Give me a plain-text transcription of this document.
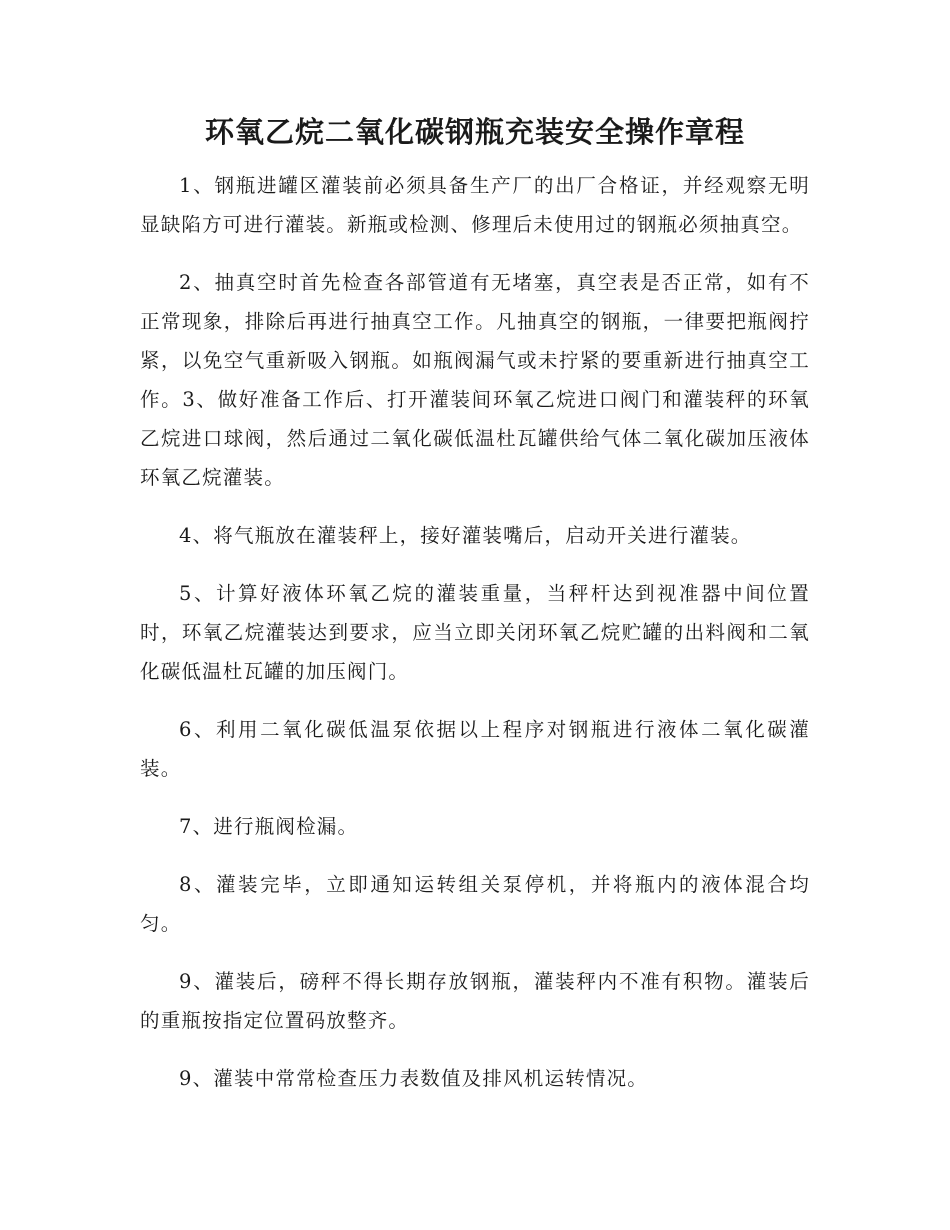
环氧乙烷二氧化碳钢瓶充装安全操作章程

1、钢瓶进罐区灌装前必须具备生产厂的出厂合格证，并经观察无明显缺陷方可进行灌装。新瓶或检测、修理后未使用过的钢瓶必须抽真空。

2、抽真空时首先检查各部管道有无堵塞，真空表是否正常，如有不正常现象，排除后再进行抽真空工作。凡抽真空的钢瓶，一律要把瓶阀拧紧，以免空气重新吸入钢瓶。如瓶阀漏气或未拧紧的要重新进行抽真空工作。3、做好准备工作后、打开灌装间环氧乙烷进口阀门和灌装秤的环氧乙烷进口球阀，然后通过二氧化碳低温杜瓦罐供给气体二氧化碳加压液体环氧乙烷灌装。

4、将气瓶放在灌装秤上，接好灌装嘴后，启动开关进行灌装。

5、计算好液体环氧乙烷的灌装重量，当秤杆达到视准器中间位置时，环氧乙烷灌装达到要求，应当立即关闭环氧乙烷贮罐的出料阀和二氧化碳低温杜瓦罐的加压阀门。

6、利用二氧化碳低温泵依据以上程序对钢瓶进行液体二氧化碳灌装。

7、进行瓶阀检漏。

8、灌装完毕，立即通知运转组关泵停机，并将瓶内的液体混合均匀。

9、灌装后，磅秤不得长期存放钢瓶，灌装秤内不准有积物。灌装后的重瓶按指定位置码放整齐。

9、灌装中常常检查压力表数值及排风机运转情况。
